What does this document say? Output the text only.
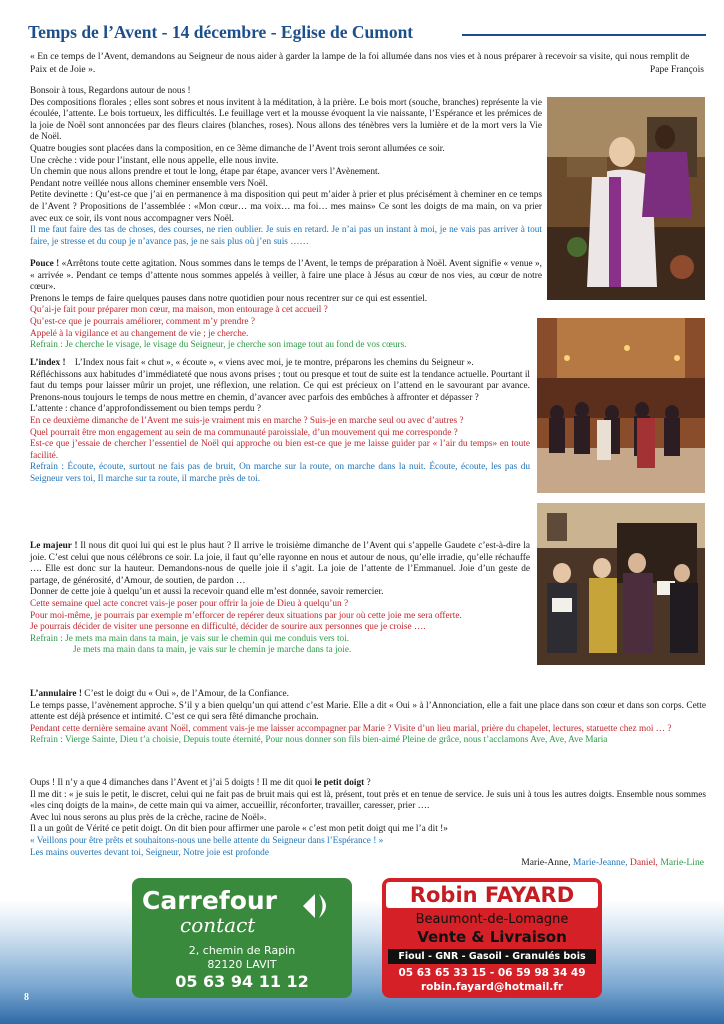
Temps de l’Avent - 14 décembre - Eglise de Cumont
« En ce temps de l’Avent, demandons au Seigneur de nous aider à garder la lampe de la foi allumée dans nos vies et à nous préparer à recevoir sa visite, qui nous remplit de Paix et de Joie ».	Pape François

Bonsoir à tous, Regardons autour de nous !

Des compositions florales ; elles sont sobres et nous invitent à la méditation, à la prière. Le bois mort (souche, branches) représente la vie écoulée, l’attente. Le bois tortueux, les difficultés. Le feuillage vert et la mousse évoquent la vie naissante, l’Espérance et les prémices de la joie de Noël sont annoncées par des fleurs claires (blanches, roses). Nous allons des ténèbres vers la lumière et de la mort vers la Vie de Noël.

Quatre bougies sont placées dans la composition, en ce 3ème dimanche de l’Avent trois seront allumées ce soir.

Une crèche : vide pour l’instant, elle nous appelle, elle nous invite.

Un chemin que nous allons prendre et tout le long, étape par étape, avancer vers l’Avènement.

Pendant notre veillée nous allons cheminer ensemble vers Noël.

Petite devinette : Qu’est-ce que j’ai en permanence à ma disposition qui peut m’aider à prier et plus précisément à cheminer en ce temps de l’Avent ? Propositions de l’assemblée : «Mon cœur… ma voix… ma foi… mes mains» Ce sont les doigts de ma main, on va prier avec eux ce soir, ils vont nous accompagner vers Noël.

Il me faut faire des tas de choses, des courses, ne rien oublier. Je suis en retard. Je n’ai pas un instant à moi, je ne vais pas arriver à tout faire, je stresse et du coup je n’avance pas, je ne sais plus où j’en suis ……

Pouce ! «Arrêtons toute cette agitation. Nous sommes dans le temps de l’Avent, le temps de préparation à Noël. Avent signifie « venue », « arrivée ». Pendant ce temps d’attente nous sommes appelés à veiller, à faire une place à Jésus au cœur de nos vies, au cœur de notre cœur».

Prenons le temps de faire quelques pauses dans notre quotidien pour nous recentrer sur ce qui est essentiel.

Qu’ai-je fait pour préparer mon cœur, ma maison, mon entourage à cet accueil ?

Qu’est-ce que je pourrais améliorer, comment m’y prendre ?

Appelé à la vigilance et au changement de vie ; je cherche.

Refrain : Je cherche le visage, le visage du Seigneur, je cherche son image tout au fond de vos cœurs.

L’index ! L’Index nous fait « chut », « écoute », « viens avec moi, je te montre, préparons les chemins du Seigneur ».

Réfléchissons aux habitudes d’immédiateté que nous avons prises ; tout ou presque et tout de suite est la tendance actuelle. Pourtant il faut du temps pour laisser mûrir un projet, une réflexion, une relation. Ce qui est précieux on l’attend en le savourant par avance. Prenons-nous toujours le temps de nous mettre en chemin, d’avancer avec parfois des embûches à affronter et dépasser ?

L’attente : chance d’approfondissement ou bien temps perdu ?

En ce deuxième dimanche de l’Avent me suis-je vraiment mis en marche ? Suis-je en marche seul ou avec d’autres ?

Quel pourrait être mon engagement au sein de ma communauté paroissiale, d’un mouvement qui me correspondе ?

Est-ce que j’essaie de chercher l’essentiel de Noël qui approche ou bien est-ce que je me laisse guider par « l’air du temps» en toute facilité.

Refrain : Écoute, écoute, surtout ne fais pas de bruit, On marche sur la route, on marche dans la nuit. Écoute, écoute, les pas du Seigneur vers toi, Il marche sur ta route, il marche près de toi.

Le majeur ! Il nous dit quoi lui qui est le plus haut ? Il arrive le troisième dimanche de l’Avent qui s’appelle Gaudete c’est-à-dire la joie. C’est celui que nous célébrons ce soir. La joie, il faut qu’elle rayonne en nous et autour de nous, qu’elle irradie, qu’elle réchauffe …. Elle est donc sur la hauteur. Demandons-nous de quelle joie il s’agit. La joie de l’attente de l’Emmanuel. Joie d’un geste de partage, de générosité, d’Amour, de soutien, de pardon …

Donner de cette joie à quelqu’un et aussi la recevoir quand elle m’est donnée, savoir remercier.

Cette semaine quel acte concret vais-je poser pour offrir la joie de Dieu à quelqu’un ?

Pour moi-même, je pourrais par exemple m’efforcer de repérer deux situations par jour où cette joie me sera offerte.

Je pourrais décider de visiter une personne en difficulté, décider de sourire aux personnes que je croise ….

Refrain : Je mets ma main dans ta main, je vais sur le chemin qui me conduis vers toi.

Je mets ma main dans ta main, je vais sur le chemin je marche dans ta joie.

L’annulaire ! C’est le doigt du « Oui », de l’Amour, de la Confiance.

Le temps passe, l’avènement approche. S’il y a bien quelqu’un qui attend c’est Marie. Elle a dit « Oui » à l’Annonciation, elle a fait une place dans son cœur et dans son corps. Cette attente est déjà présence et intimité. C’est ce qui sera fêté dimanche prochain.

Pendant cette dernière semaine avant Noël, comment vais-je me laisser accompagner par Marie ? Visite d’un lieu marial, prière du chapelet, lectures, statuette chez moi … ?

Refrain : Vierge Sainte, Dieu t’a choisie, Depuis toute éternité, Pour nous donner son fils bien-aimé Pleine de grâce, nous t’acclamons Ave, Ave, Ave Maria

Oups ! Il n’y a que 4 dimanches dans l’Avent et j’ai 5 doigts ! Il me dit quoi le petit doigt ?

Il me dit : « je suis le petit, le discret, celui qui ne fait pas de bruit mais qui est là, présent, tout près et en tenue de service. Je suis uni à tous les autres doigts. Ensemble nous sommes «les cinq doigts de la main», de cette main qui va aimer, accueillir, réconforter, travailler, caresser, prier ….

Avec lui nous serons au plus près de la crèche, racine de Noël».

Il a un goût de Vérité ce petit doigt. On dit bien pour affirmer une parole « c’est mon petit doigt qui me l’a dit !»

« Veillons pour être prêts et souhaitons-nous une belle attente du Seigneur dans l’Espérance ! »

Les mains ouvertes devant toi, Seigneur, Notre joie est profonde

Marie-Anne, Marie-Jeanne, Daniel, Marie-Line
Carrefour
contact
2, chemin de Rapin
82120 LAVIT
05 63 94 11 12
Robin FAYARD
Beaumont-de-Lomagne
Vente & Livraison
Fioul - GNR - Gasoil - Granulés bois
05 63 65 33 15 - 06 59 98 34 49
robin.fayard@hotmail.fr
8
